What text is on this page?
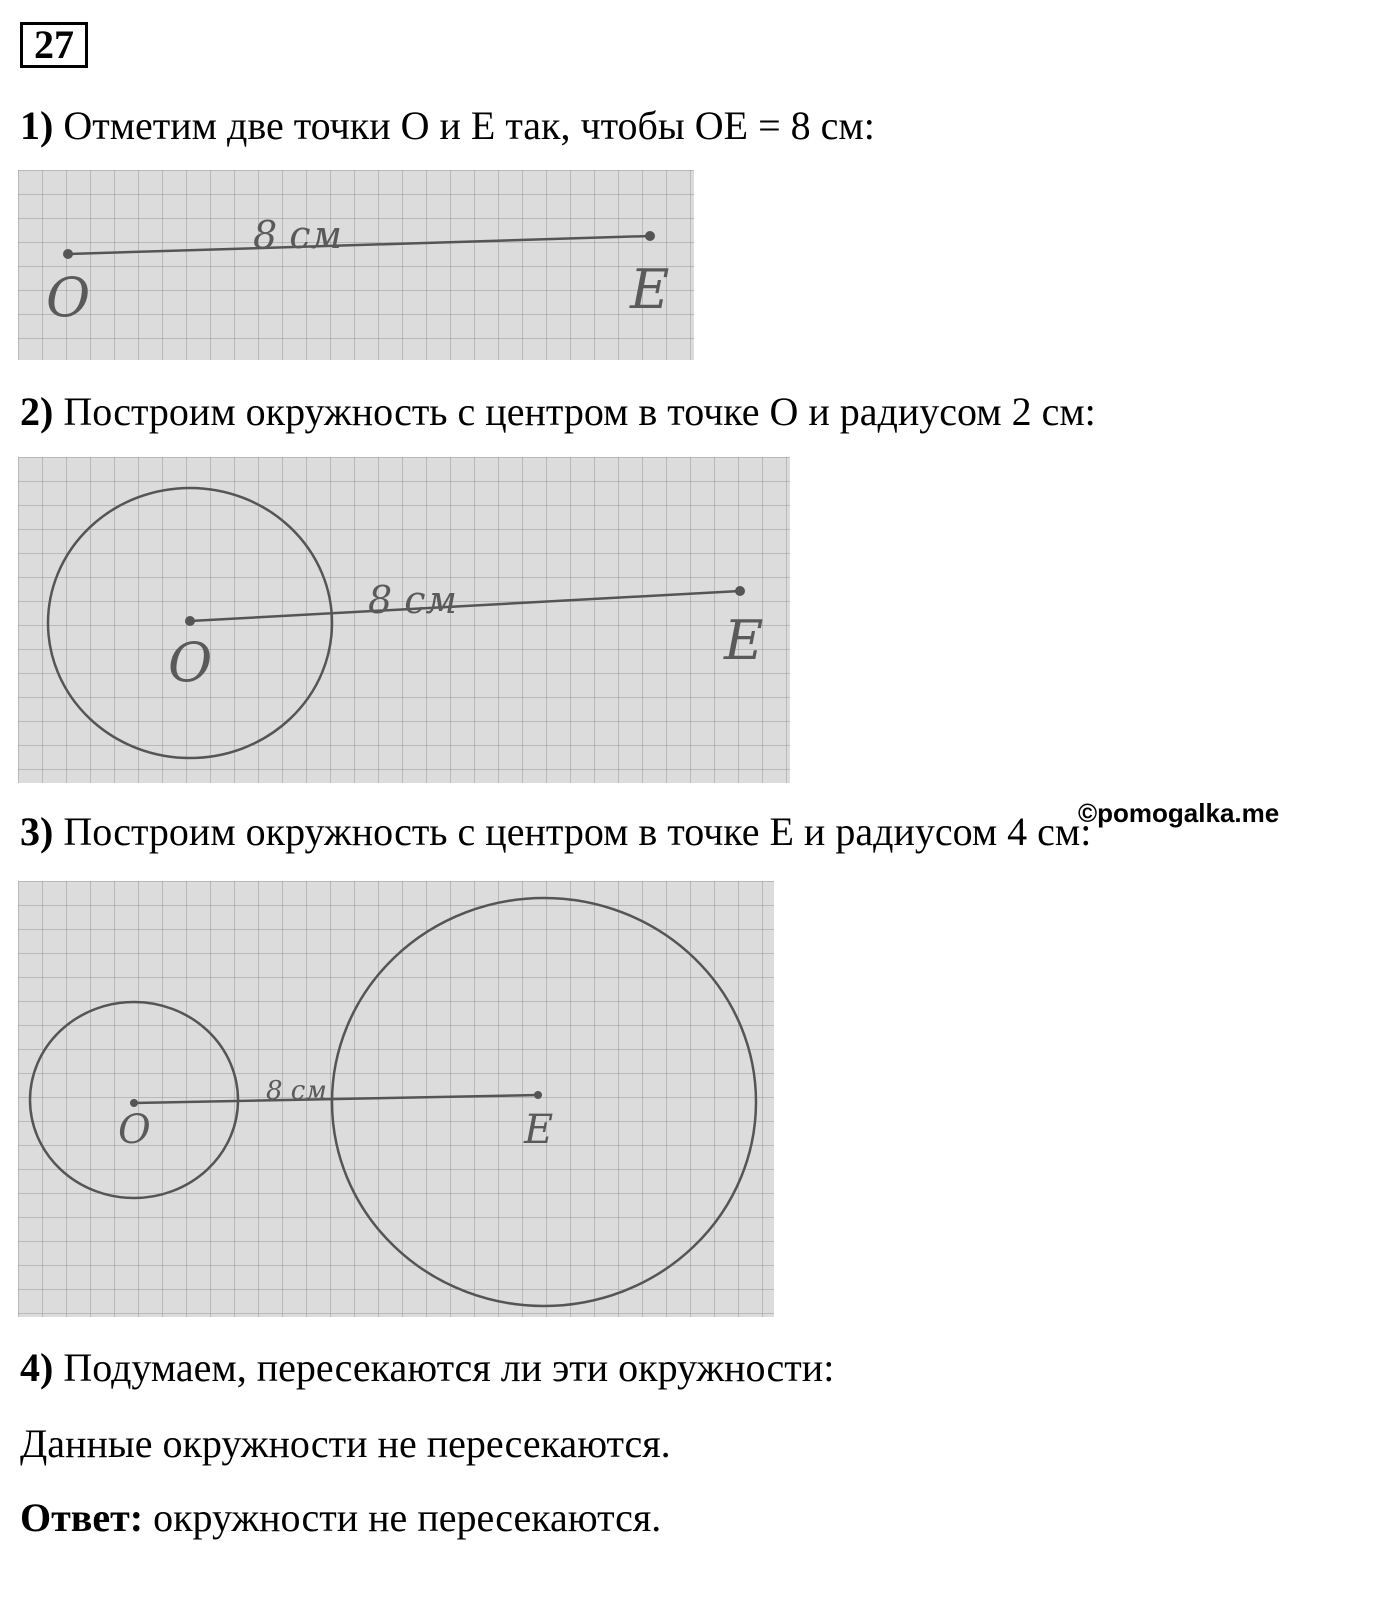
27
1) Отметим две точки O и E так, чтобы OE = 8 см:
8 см
O	E
2) Построим окружность с центром в точке O и радиусом 2 см:
8 см
O	E
3) Построим окружность с центром в точке E и радиусом 4 см:
©pomogalka.me
8 см
O	E
4) Подумаем, пересекаются ли эти окружности:
Данные окружности не пересекаются.
Ответ: окружности не пересекаются.
